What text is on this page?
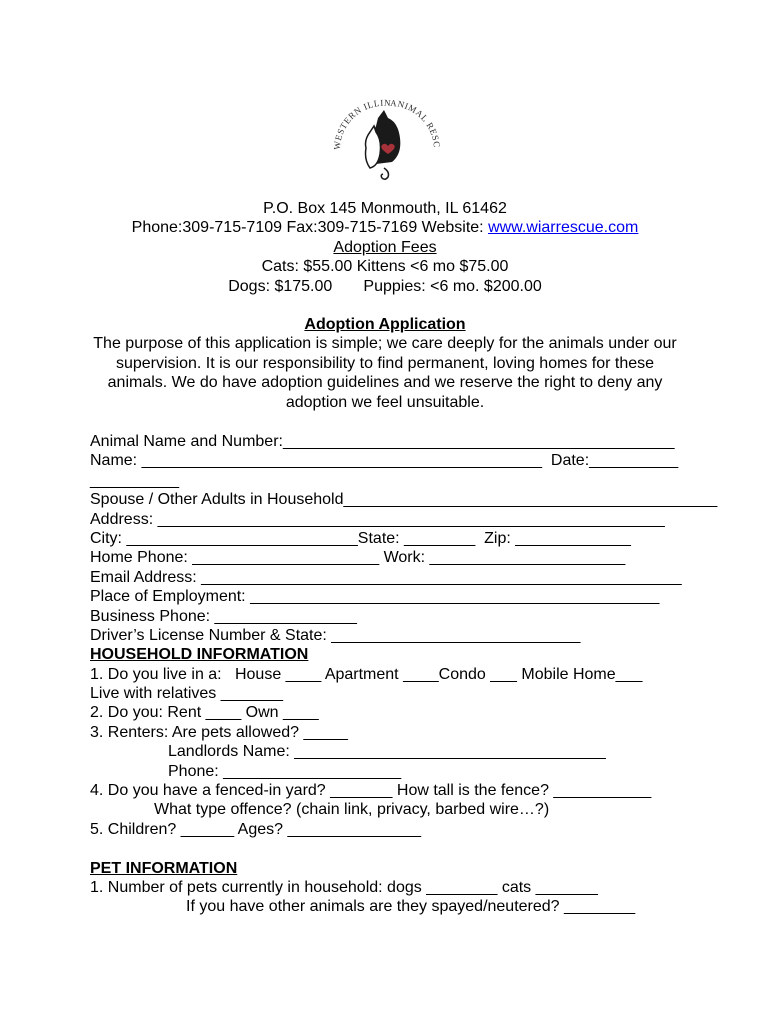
WESTERN ILLIN
ANIMAL RESC
P.O. Box 145 Monmouth, IL 61462
Phone:309-715-7109 Fax:309-715-7169 Website: www.wiarrescue.com
Adoption Fees
Cats: $55.00 Kittens <6 mo $75.00
Dogs: $175.00       Puppies: <6 mo. $200.00
Adoption Application
The purpose of this application is simple; we care deeply for the animals under our supervision. It is our responsibility to find permanent, loving homes for these animals. We do have adoption guidelines and we reserve the right to deny any adoption we feel unsuitable.
Animal Name and Number:____________________________________________
Name: _____________________________________________  Date:__________
__________
Spouse / Other Adults in Household__________________________________________
Address: _________________________________________________________
City: __________________________State: ________  Zip: _____________
Home Phone: _____________________ Work: ______________________
Email Address: ______________________________________________________
Place of Employment: ______________________________________________
Business Phone: ________________
Driver’s License Number & State: ____________________________
HOUSEHOLD INFORMATION
1. Do you live in a:   House ____ Apartment ____Condo ___ Mobile Home___
Live with relatives _______
2. Do you: Rent ____ Own ____
3. Renters: Are pets allowed? _____
Landlords Name: ___________________________________
Phone: ____________________
4. Do you have a fenced-in yard? _______ How tall is the fence? ___________
What type offence? (chain link, privacy, barbed wire…?)
5. Children? ______ Ages? _______________
PET INFORMATION
1. Number of pets currently in household: dogs ________ cats _______
If you have other animals are they spayed/neutered? ________
